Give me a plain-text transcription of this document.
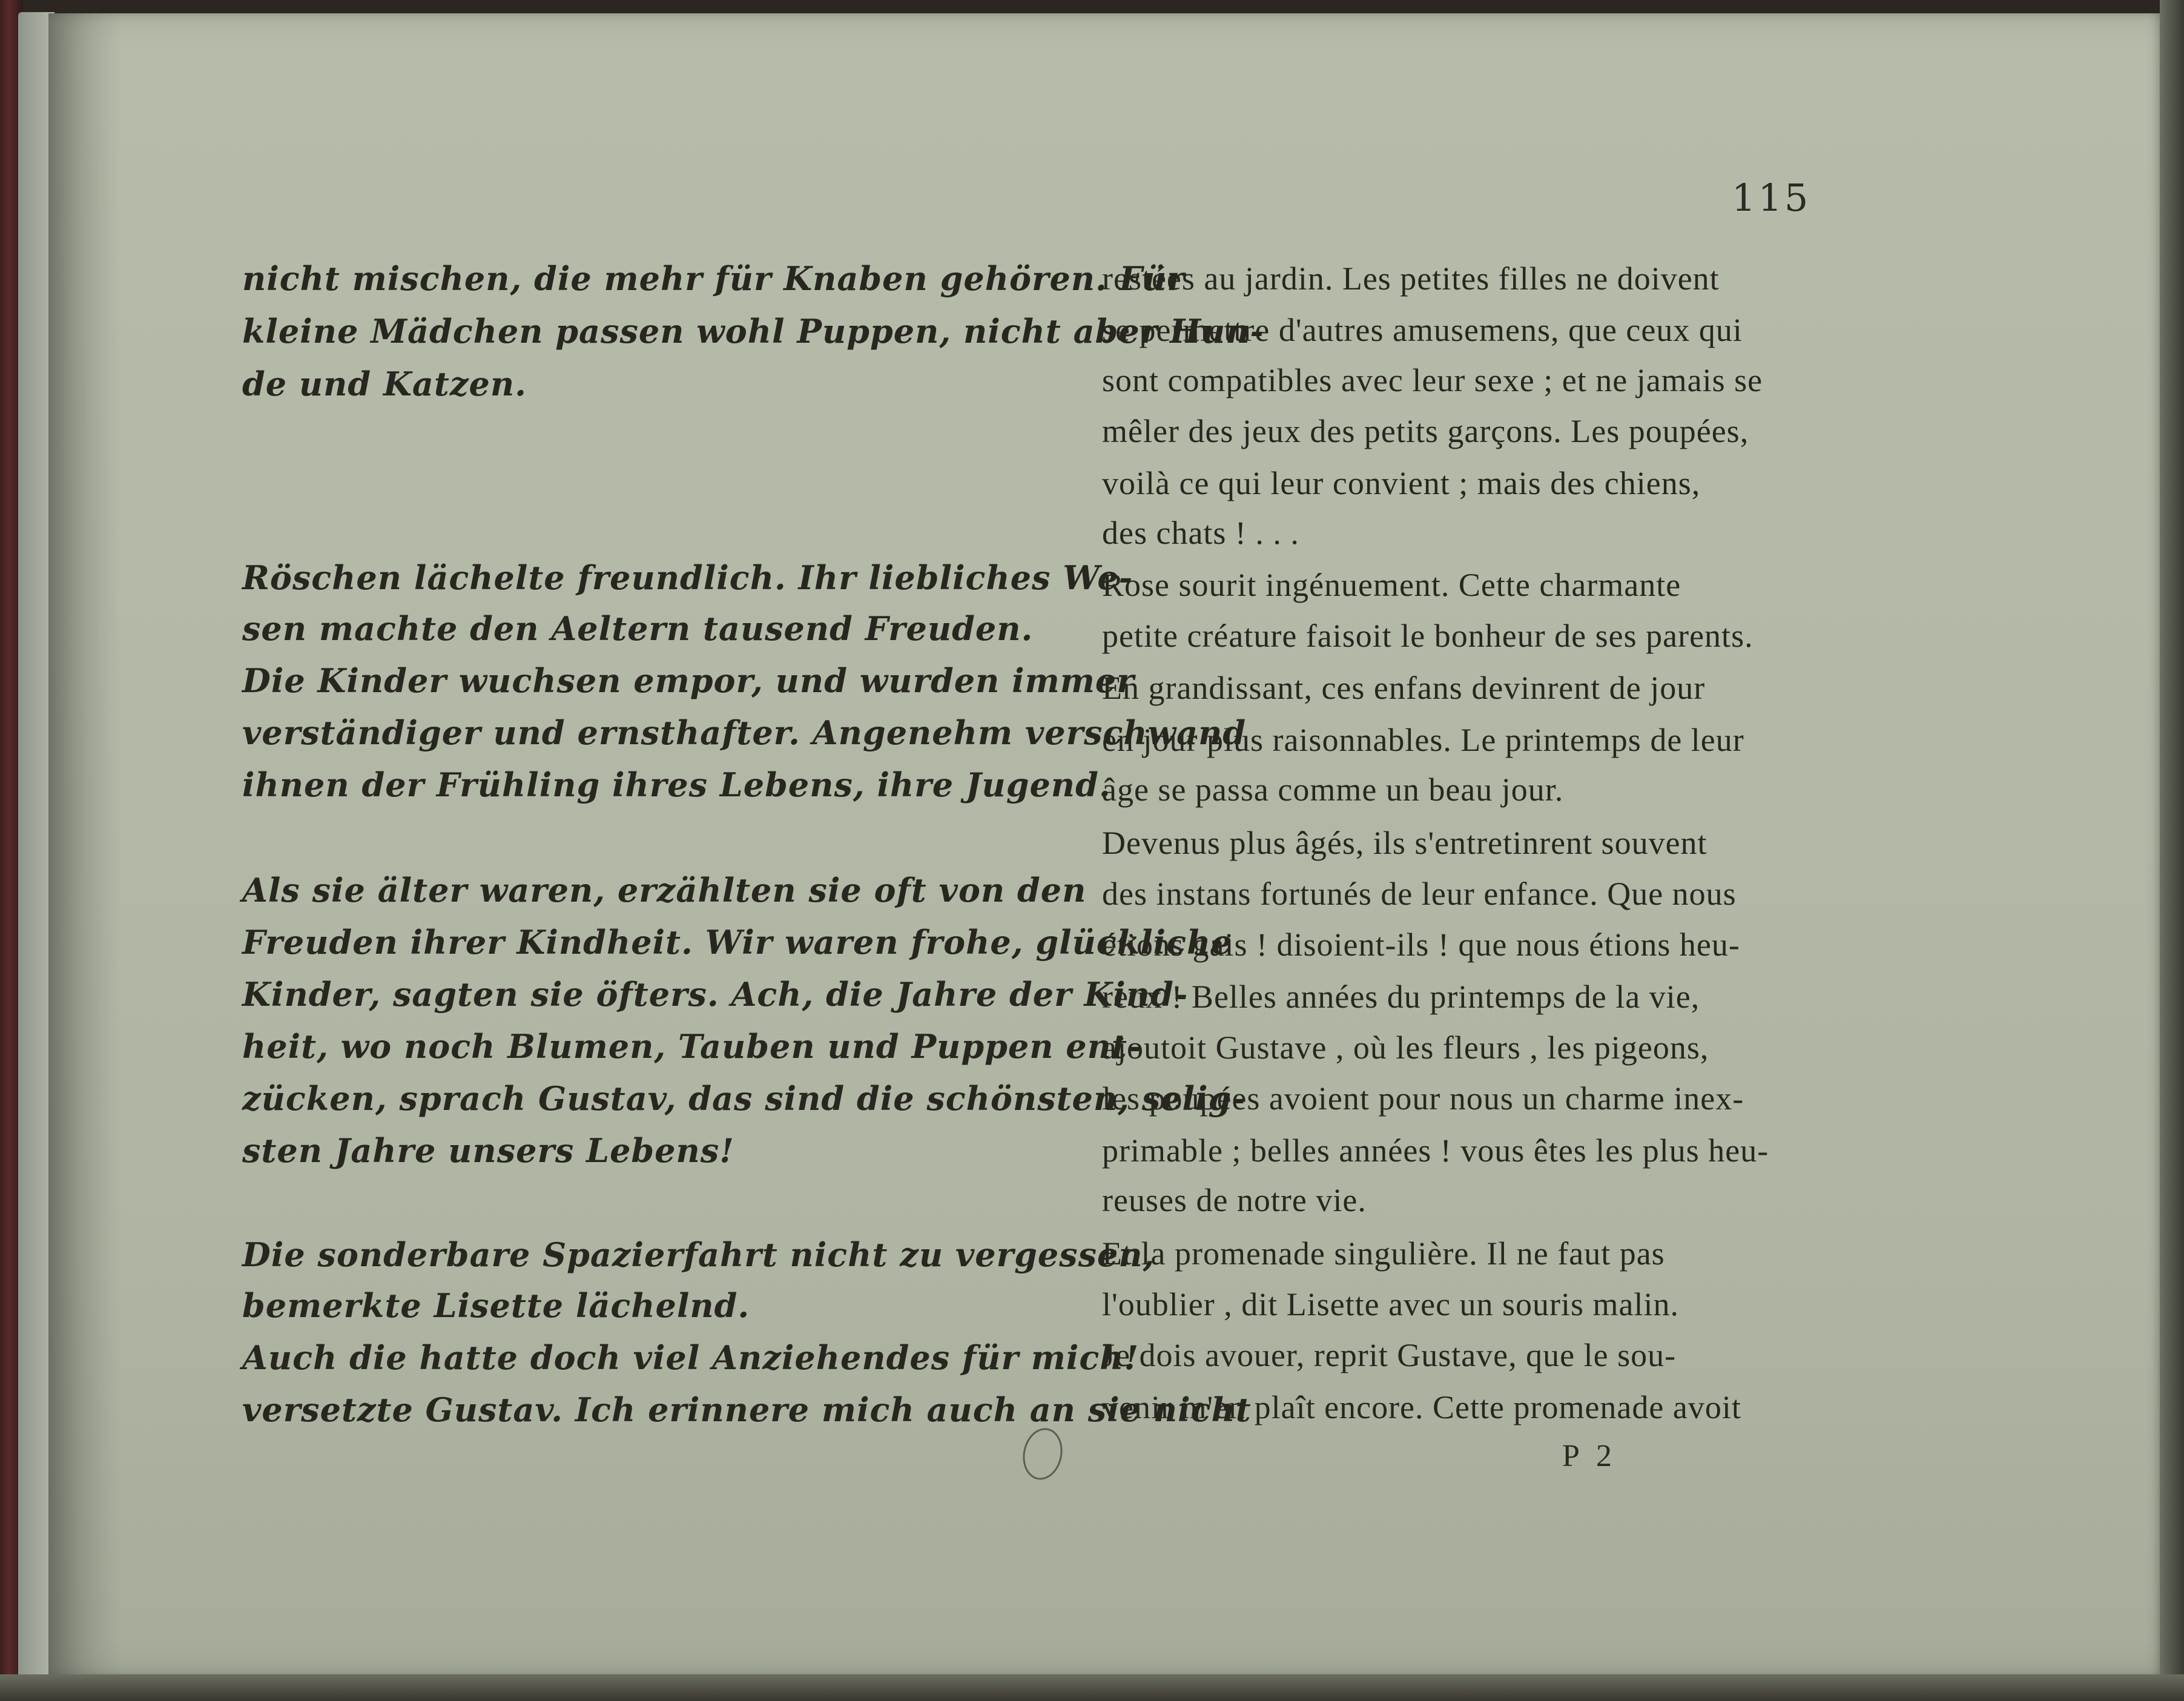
115
nicht mischen, die mehr für Knaben gehören. Für
kleine Mädchen passen wohl Puppen, nicht aber Hun-
de und Katzen.
Röschen lächelte freundlich. Ihr liebliches We-
sen machte den Aeltern tausend Freuden.
Die Kinder wuchsen empor, und wurden immer
verständiger und ernsthafter. Angenehm verschwand
ihnen der Frühling ihres Lebens, ihre Jugend.
Als sie älter waren, erzählten sie oft von den
Freuden ihrer Kindheit. Wir waren frohe, glückliche
Kinder, sagten sie öfters. Ach, die Jahre der Kind-
heit, wo noch Blumen, Tauben und Puppen ent-
zücken, sprach Gustav, das sind die schönsten, selig-
sten Jahre unsers Lebens!
Die sonderbare Spazierfahrt nicht zu vergessen,
bemerkte Lisette lächelnd.
Auch die hatte doch viel Anziehendes für mich!
versetzte Gustav. Ich erinnere mich auch an sie nicht
restées au jardin. Les petites filles ne doivent
se permettre d'autres amusemens, que ceux qui
sont compatibles avec leur sexe ; et ne jamais se
mêler des jeux des petits garçons. Les poupées,
voilà ce qui leur convient ; mais des chiens,
des chats ! . . .
Rose sourit ingénuement. Cette charmante
petite créature faisoit le bonheur de ses parents.
En grandissant, ces enfans devinrent de jour
en jour plus raisonnables. Le printemps de leur
âge se passa comme un beau jour.
Devenus plus âgés, ils s'entretinrent souvent
des instans fortunés de leur enfance. Que nous
étions gais ! disoient-ils ! que nous étions heu-
reux ! Belles années du printemps de la vie,
ajoutoit Gustave , où les fleurs , les pigeons,
les poupées avoient pour nous un charme inex-
primable ; belles années ! vous êtes les plus heu-
reuses de notre vie.
Et la promenade singulière. Il ne faut pas
l'oublier , dit Lisette avec un souris malin.
Je dois avouer, reprit Gustave, que le sou-
venir m'en plaît encore. Cette promenade avoit
P 2
